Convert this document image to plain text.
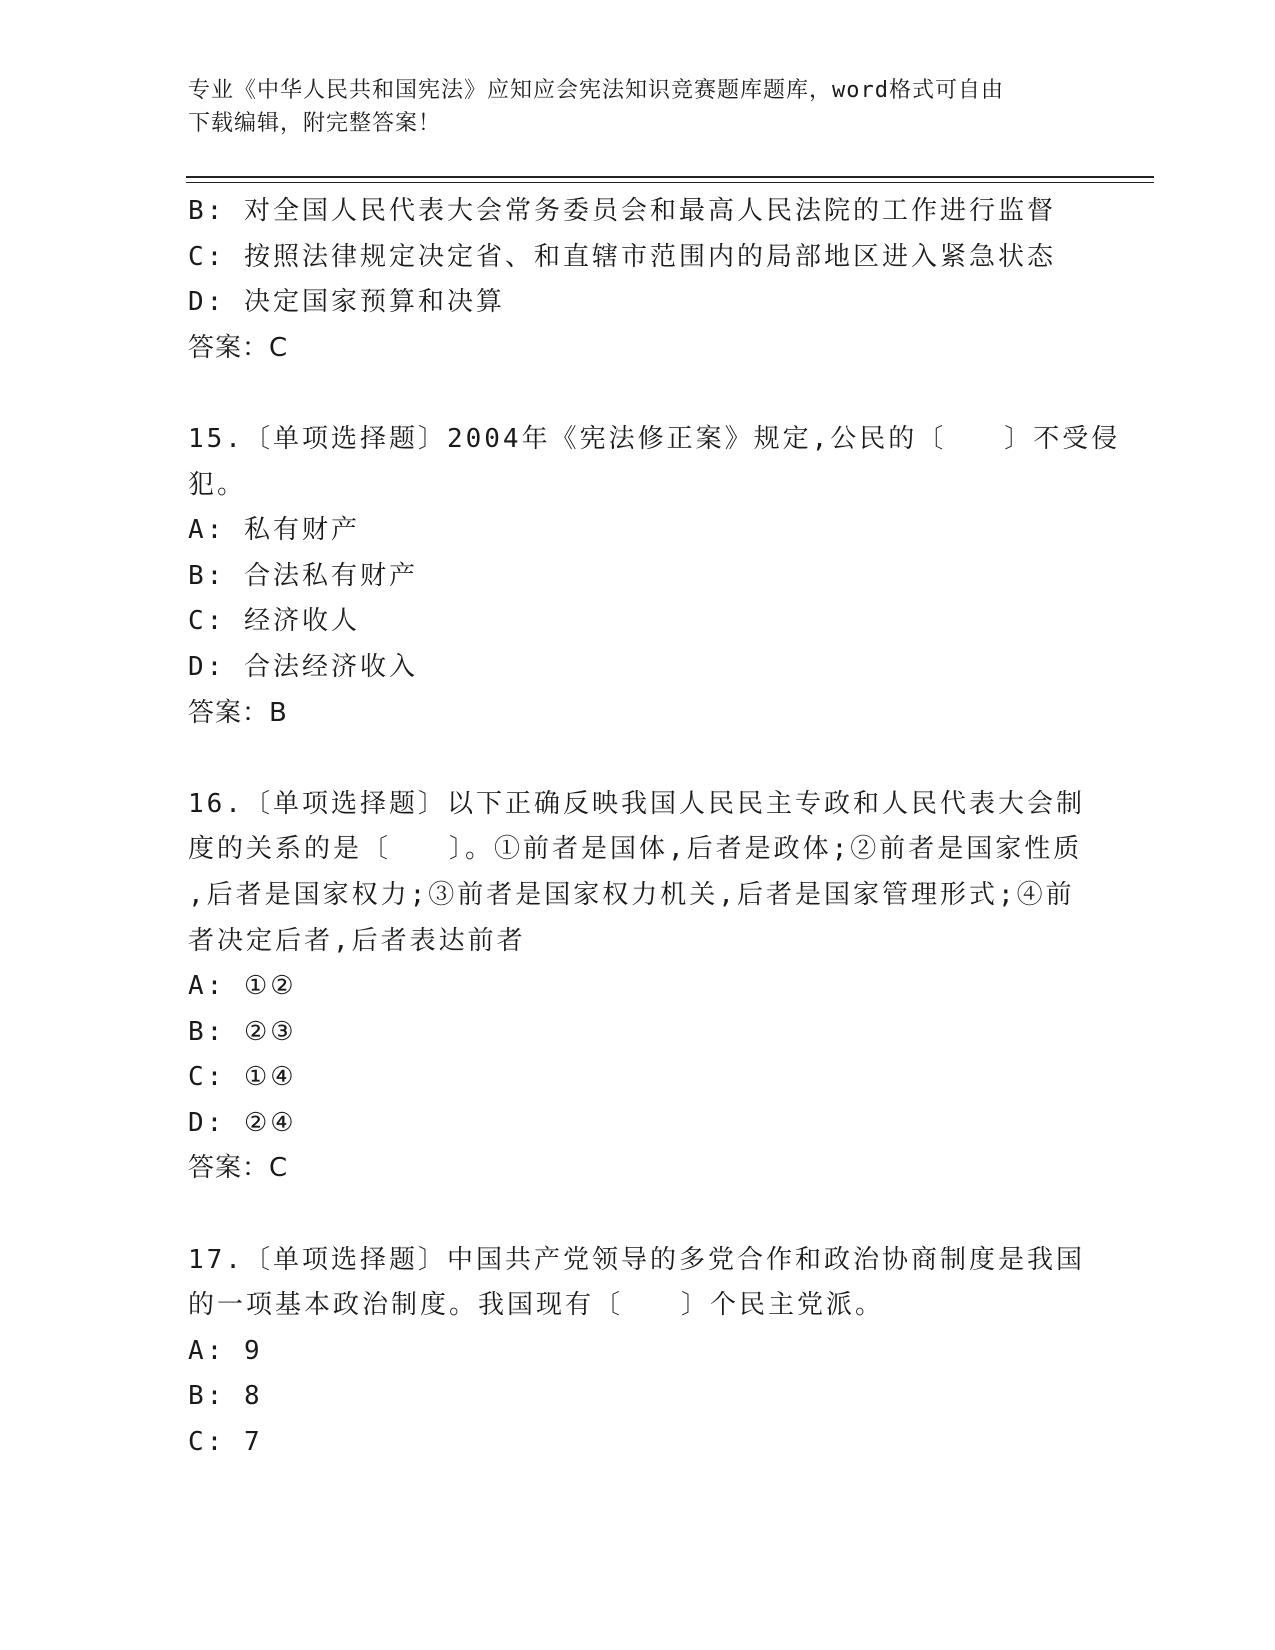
专业《中华人民共和国宪法》应知应会宪法知识竞赛题库题库，word格式可自由
下载编辑，附完整答案！
B: 对全国人民代表大会常务委员会和最高人民法院的工作进行监督
C: 按照法律规定决定省、和直辖市范围内的局部地区进入紧急状态
D: 决定国家预算和决算
答案：C
15.〔单项选择题〕2004年《宪法修正案》规定,公民的〔　　〕不受侵
犯。
A: 私有财产
B: 合法私有财产
C: 经济收人
D: 合法经济收入
答案：B
16.〔单项选择题〕以下正确反映我国人民民主专政和人民代表大会制
度的关系的是〔　　〕。①前者是国体,后者是政体;②前者是国家性质
,后者是国家权力;③前者是国家权力机关,后者是国家管理形式;④前
者决定后者,后者表达前者
A: ①②
B: ②③
C: ①④
D: ②④
答案：C
17.〔单项选择题〕中国共产党领导的多党合作和政治协商制度是我国
的一项基本政治制度。我国现有〔　　〕个民主党派。
A: 9
B: 8
C: 7
